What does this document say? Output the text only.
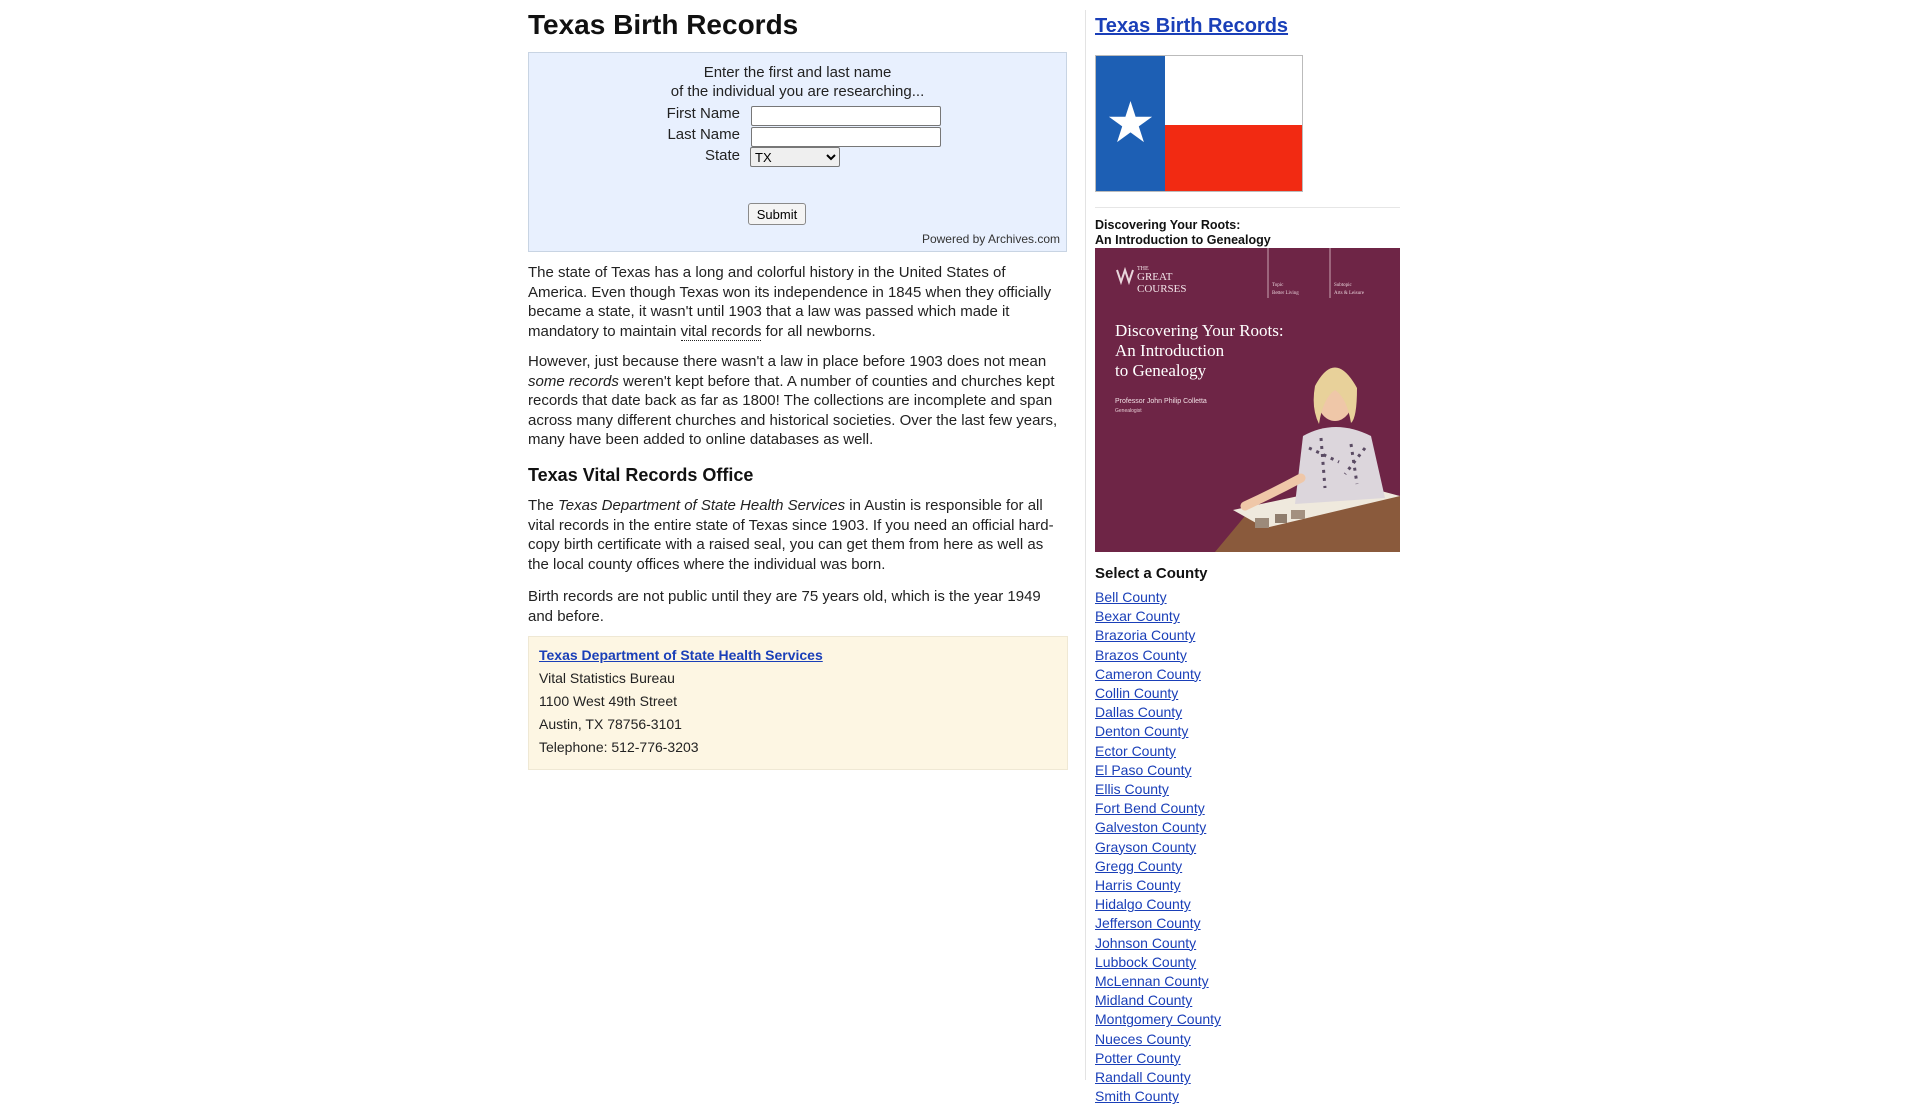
Texas Birth Records
Enter the first and last name
of the individual you are researching...
First Name
Last Name
State
TX
Submit
Powered by Archives.com

The state of Texas has a long and colorful history in the United States of America. Even though Texas won its independence in 1845 when they officially became a state, it wasn't until 1903 that a law was passed which made it mandatory to maintain vital records for all newborns.

However, just because there wasn't a law in place before 1903 does not mean some records weren't kept before that. A number of counties and churches kept records that date back as far as 1800! The collections are incomplete and span across many different churches and historical societies. Over the last few years, many have been added to online databases as well.

Texas Vital Records Office

The Texas Department of State Health Services in Austin is responsible for all vital records in the entire state of Texas since 1903. If you need an official hard-copy birth certificate with a raised seal, you can get them from here as well as the local county offices where the individual was born.

Birth records are not public until they are 75 years old, which is the year 1949 and before.

Texas Department of State Health Services
Vital Statistics Bureau
1100 West 49th Street
Austin, TX 78756-3101
Telephone: 512-776-3203
Texas Birth Records
Discovering Your Roots:
An Introduction to Genealogy
THE
GREAT
COURSES	Topic
Better Living
Subtopic
Arts & Leisure
Discovering Your Roots:
An Introduction
to Genealogy
Professor John Philip Colletta
Genealogist
Select a County
Bell County
Bexar County
Brazoria County
Brazos County
Cameron County
Collin County
Dallas County
Denton County
Ector County
El Paso County
Ellis County
Fort Bend County
Galveston County
Grayson County
Gregg County
Harris County
Hidalgo County
Jefferson County
Johnson County
Lubbock County
McLennan County
Midland County
Montgomery County
Nueces County
Potter County
Randall County
Smith County
